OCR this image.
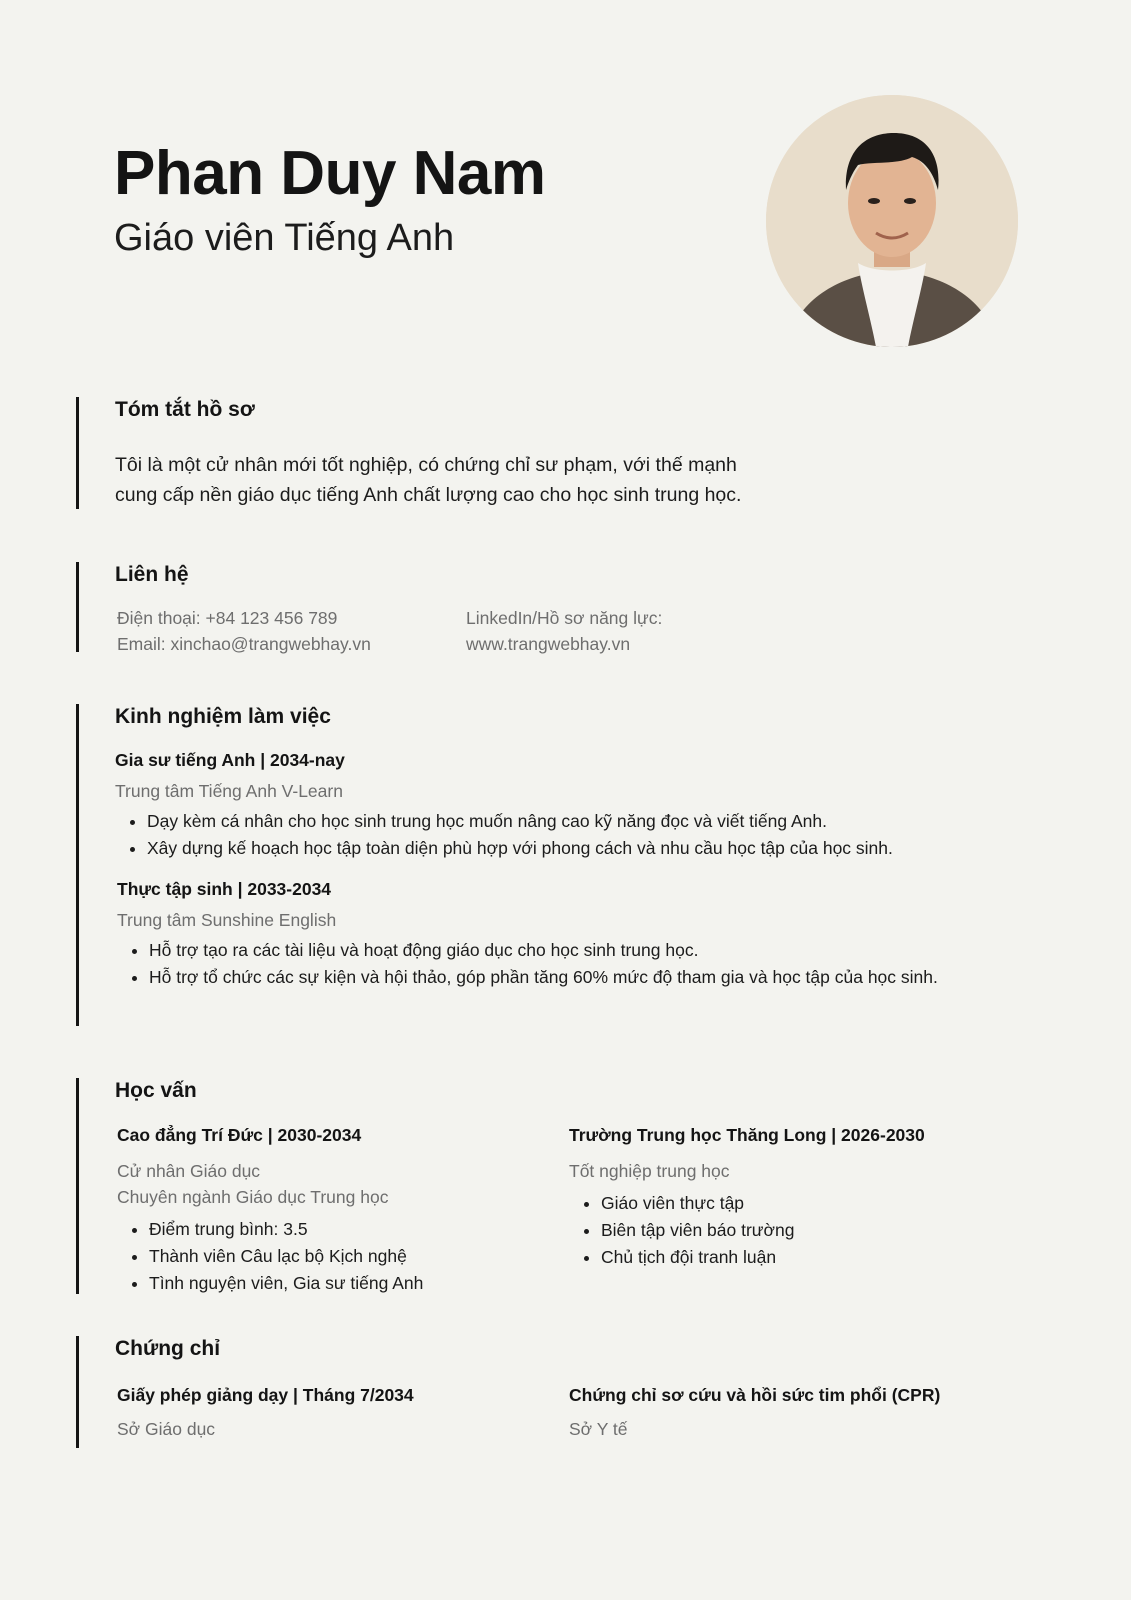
Phan Duy Nam
Giáo viên Tiếng Anh
Tóm tắt hồ sơ

Tôi là một cử nhân mới tốt nghiệp, có chứng chỉ sư phạm, với thế mạnh

cung cấp nền giáo dục tiếng Anh chất lượng cao cho học sinh trung học.

Liên hệ
Điện thoại: +84 123 456 789
Email: xinchao@trangwebhay.vn
LinkedIn/Hồ sơ năng lực:
www.trangwebhay.vn
Kinh nghiệm làm việc
Gia sư tiếng Anh | 2034-nay
Trung tâm Tiếng Anh V-Learn
• Dạy kèm cá nhân cho học sinh trung học muốn nâng cao kỹ năng đọc và viết tiếng Anh.
• Xây dựng kế hoạch học tập toàn diện phù hợp với phong cách và nhu cầu học tập của học sinh.
Thực tập sinh | 2033-2034
Trung tâm Sunshine English
• Hỗ trợ tạo ra các tài liệu và hoạt động giáo dục cho học sinh trung học.
• Hỗ trợ tổ chức các sự kiện và hội thảo, góp phần tăng 60% mức độ tham gia và học tập của học sinh.
Học vấn
Cao đẳng Trí Đức | 2030-2034
Cử nhân Giáo dục
Chuyên ngành Giáo dục Trung học
• Điểm trung bình: 3.5
• Thành viên Câu lạc bộ Kịch nghệ
• Tình nguyện viên, Gia sư tiếng Anh
Trường Trung học Thăng Long | 2026-2030
Tốt nghiệp trung học
• Giáo viên thực tập
• Biên tập viên báo trường
• Chủ tịch đội tranh luận
Chứng chỉ
Giấy phép giảng dạy | Tháng 7/2034
Sở Giáo dục
Chứng chỉ sơ cứu và hồi sức tim phổi (CPR)
Sở Y tế
